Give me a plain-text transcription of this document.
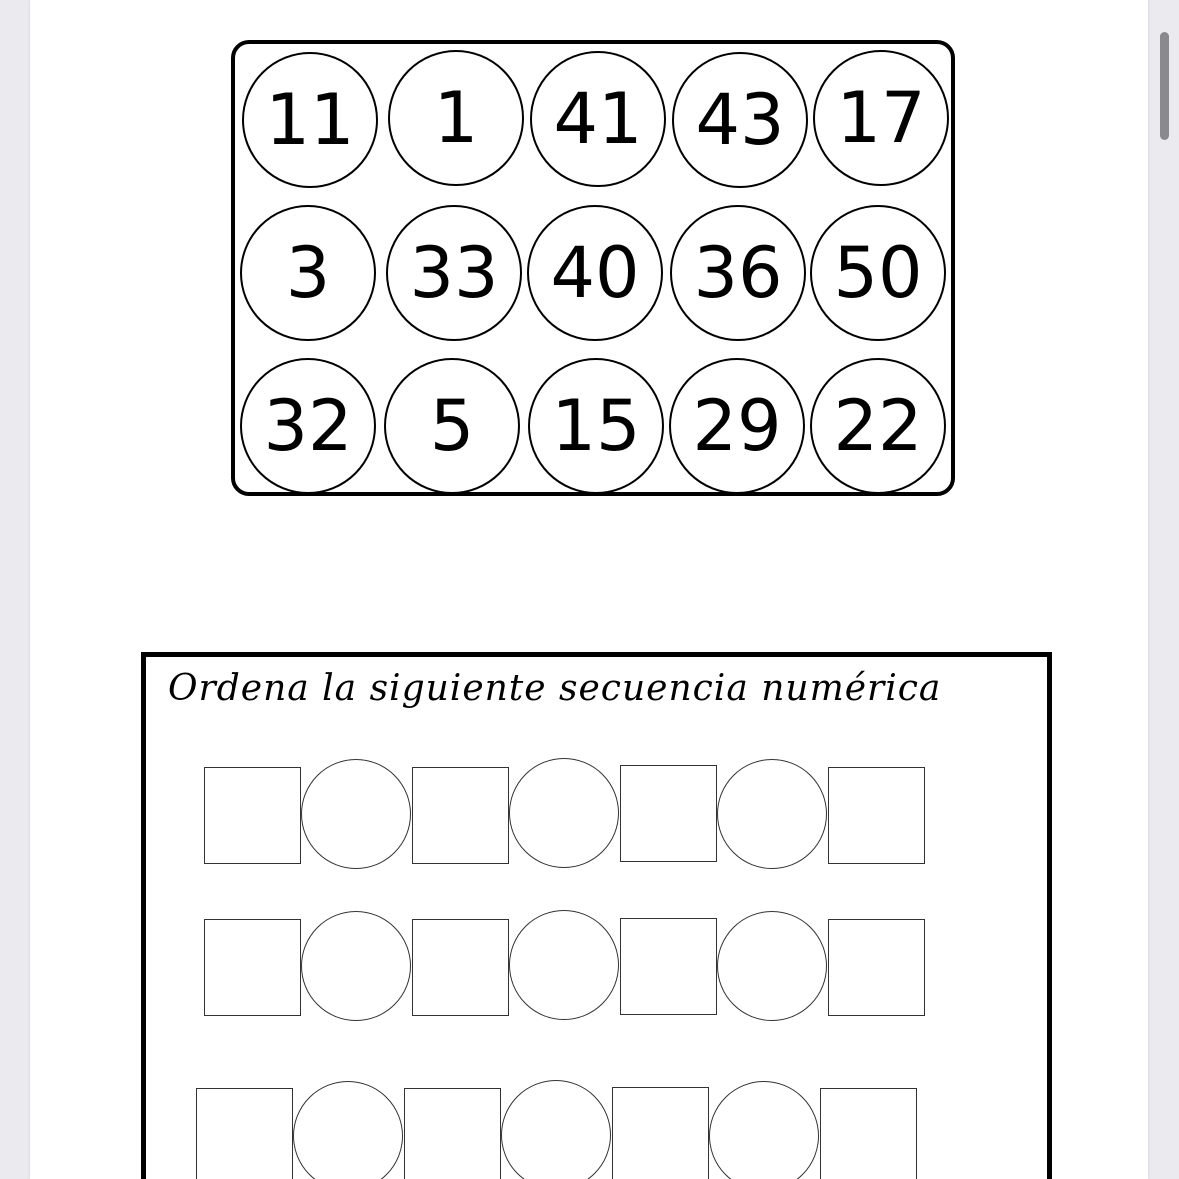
11	1	41 43 17
3	33 40 36 50
32	5	15 29 22
Ordena la siguiente secuencia numérica
